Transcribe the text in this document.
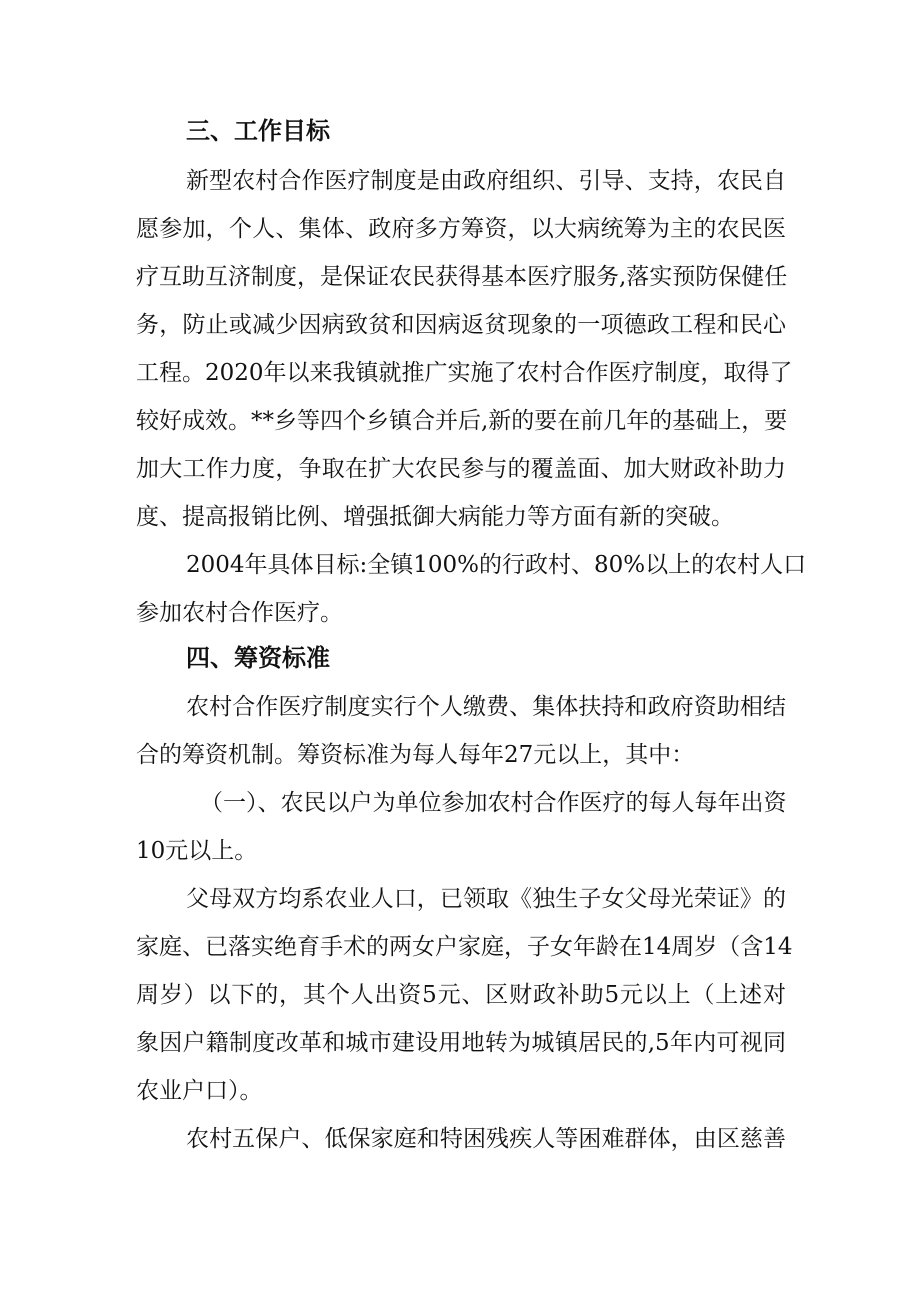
三、工作目标
新型农村合作医疗制度是由政府组织、引导、支持，农民自
愿参加，个人、集体、政府多方筹资，以大病统筹为主的农民医
疗互助互济制度，是保证农民获得基本医疗服务,落实预防保健任
务，防止或减少因病致贫和因病返贫现象的一项德政工程和民心
工程。2020年以来我镇就推广实施了农村合作医疗制度，取得了
较好成效。**乡等四个乡镇合并后,新的要在前几年的基础上，要
加大工作力度，争取在扩大农民参与的覆盖面、加大财政补助力
度、提高报销比例、增强抵御大病能力等方面有新的突破。
2004年具体目标:全镇100%的行政村、80%以上的农村人口
参加农村合作医疗。
四、筹资标准
农村合作医疗制度实行个人缴费、集体扶持和政府资助相结
合的筹资机制。筹资标准为每人每年27元以上，其中：
（一）、农民以户为单位参加农村合作医疗的每人每年出资
10元以上。
父母双方均系农业人口，已领取《独生子女父母光荣证》的
家庭、已落实绝育手术的两女户家庭，子女年龄在14周岁（含14
周岁）以下的，其个人出资5元、区财政补助5元以上（上述对
象因户籍制度改革和城市建设用地转为城镇居民的,5年内可视同
农业户口）。
农村五保户、低保家庭和特困残疾人等困难群体，由区慈善
